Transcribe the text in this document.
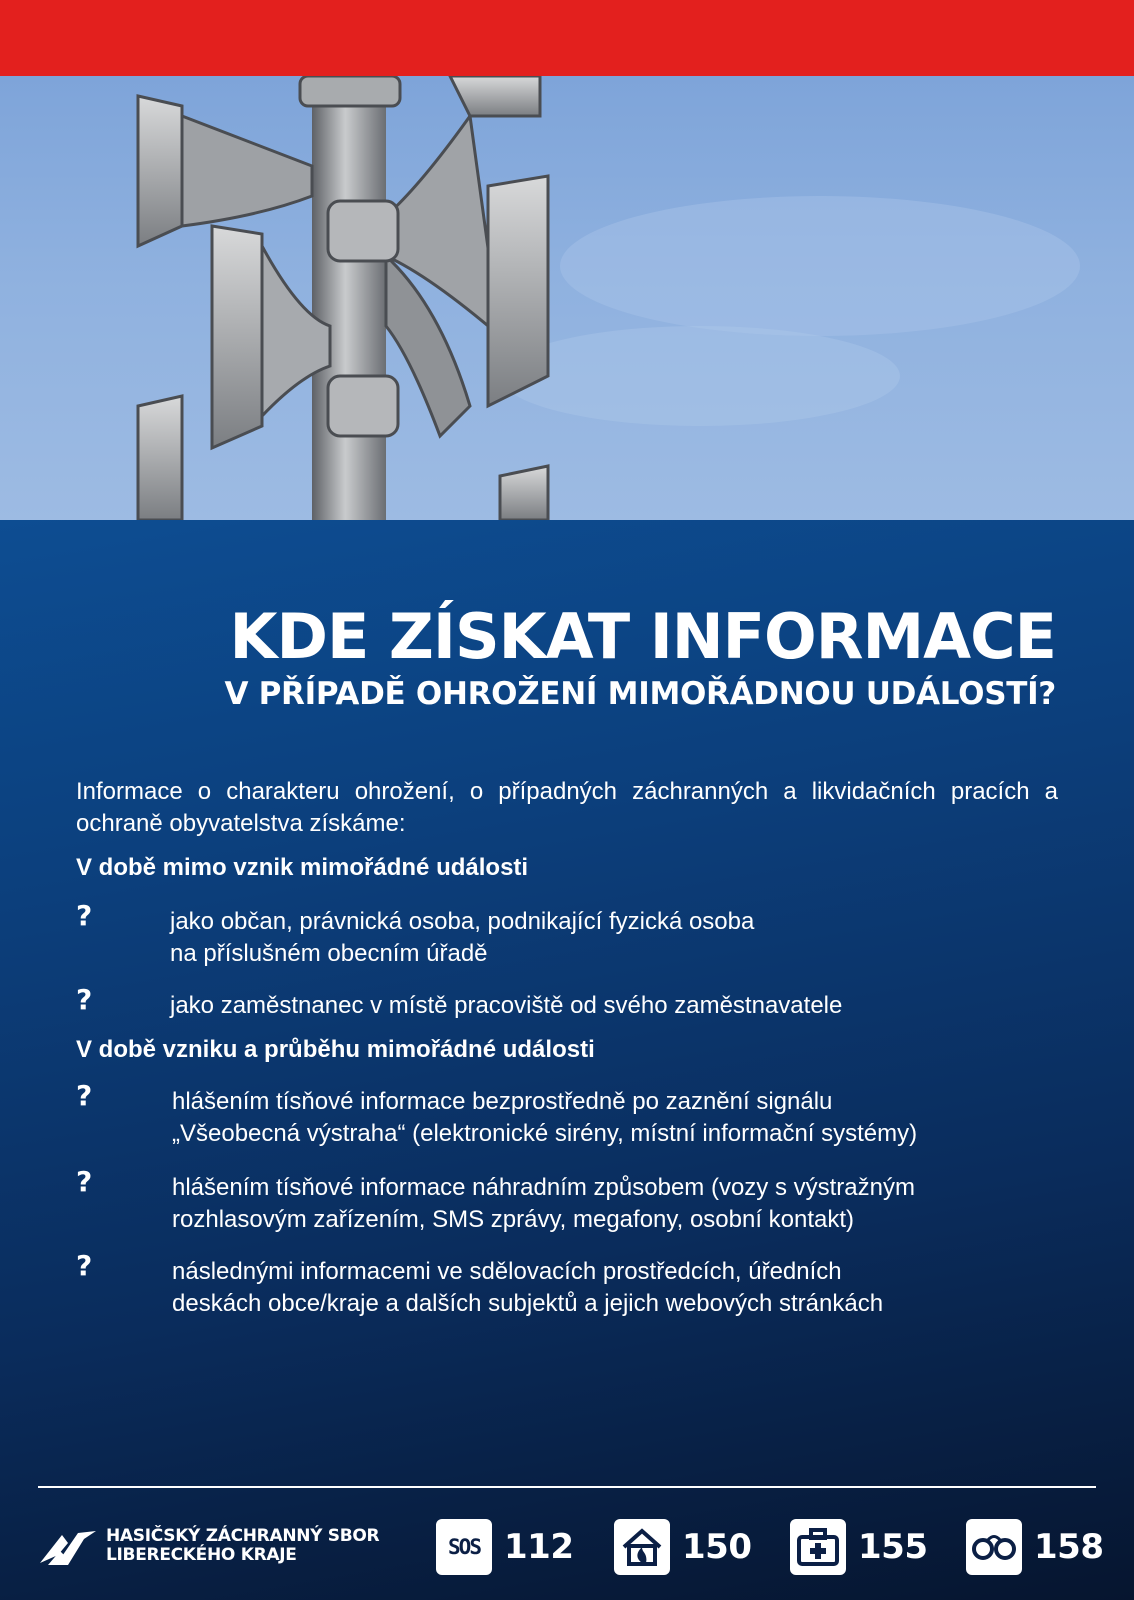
KDE ZÍSKAT INFORMACE
V PŘÍPADĚ OHROŽENÍ MIMOŘÁDNOU UDÁLOSTÍ?
Informace o charakteru ohrožení, o případných záchranných a likvidačních pracích a ochraně obyvatelstva získáme:
V době mimo vznik mimořádné události
?	jako občan, právnická osoba, podnikající fyzická osoba
na příslušném obecním úřadě
?	jako zaměstnanec v místě pracoviště od svého zaměstnavatele
V době vzniku a průběhu mimořádné události
?	hlášením tísňové informace bezprostředně po zaznění signálu
„Všeobecná výstraha“ (elektronické sirény, místní informační systémy)
?	hlášením tísňové informace náhradním způsobem (vozy s výstražným
rozhlasovým zařízením, SMS zprávy, megafony, osobní kontakt)
?	následnými informacemi ve sdělovacích prostředcích, úředních
deskách obce/kraje a dalších subjektů a jejich webových stránkách
HASIČSKÝ ZÁCHRANNÝ SBOR
LIBERECKÉHO KRAJE	SOS 112	150	155	158
